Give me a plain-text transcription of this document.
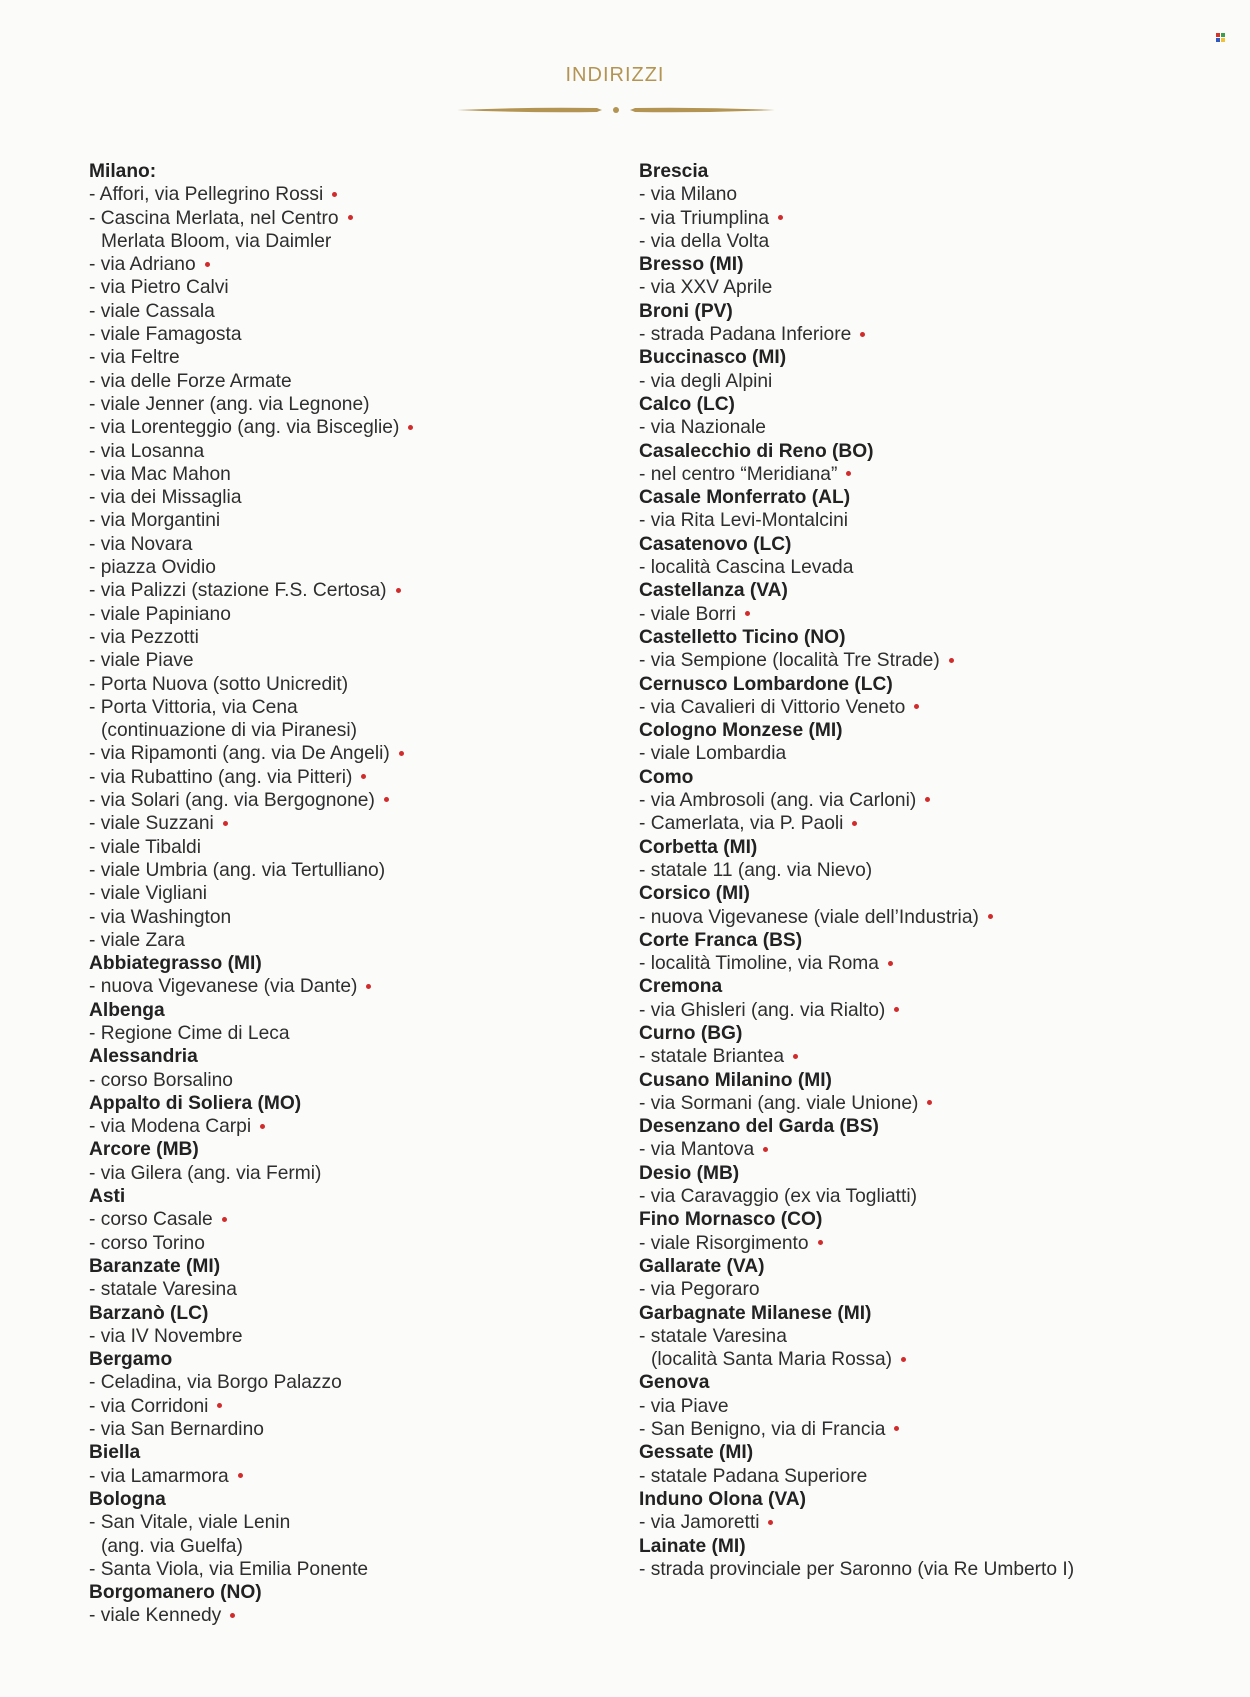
INDIRIZZI
Milano:
- Affori, via Pellegrino Rossi
- Cascina Merlata, nel Centro
Merlata Bloom, via Daimler
- via Adriano
- via Pietro Calvi
- viale Cassala
- viale Famagosta
- via Feltre
- via delle Forze Armate
- viale Jenner (ang. via Legnone)
- via Lorenteggio (ang. via Bisceglie)
- via Losanna
- via Mac Mahon
- via dei Missaglia
- via Morgantini
- via Novara
- piazza Ovidio
- via Palizzi (stazione F.S. Certosa)
- viale Papiniano
- via Pezzotti
- viale Piave
- Porta Nuova (sotto Unicredit)
- Porta Vittoria, via Cena
(continuazione di via Piranesi)
- via Ripamonti (ang. via De Angeli)
- via Rubattino (ang. via Pitteri)
- via Solari (ang. via Bergognone)
- viale Suzzani
- viale Tibaldi
- viale Umbria (ang. via Tertulliano)
- viale Vigliani
- via Washington
- viale Zara
Abbiategrasso (MI)
- nuova Vigevanese (via Dante)
Albenga
- Regione Cime di Leca
Alessandria
- corso Borsalino
Appalto di Soliera (MO)
- via Modena Carpi
Arcore (MB)
- via Gilera (ang. via Fermi)
Asti
- corso Casale
- corso Torino
Baranzate (MI)
- statale Varesina
Barzanò (LC)
- via IV Novembre
Bergamo
- Celadina, via Borgo Palazzo
- via Corridoni
- via San Bernardino
Biella
- via Lamarmora
Bologna
- San Vitale, viale Lenin
(ang. via Guelfa)
- Santa Viola, via Emilia Ponente
Borgomanero (NO)
- viale Kennedy
Brescia
- via Milano
- via Triumplina
- via della Volta
Bresso (MI)
- via XXV Aprile
Broni (PV)
- strada Padana Inferiore
Buccinasco (MI)
- via degli Alpini
Calco (LC)
- via Nazionale
Casalecchio di Reno (BO)
- nel centro “Meridiana”
Casale Monferrato (AL)
- via Rita Levi-Montalcini
Casatenovo (LC)
- località Cascina Levada
Castellanza (VA)
- viale Borri
Castelletto Ticino (NO)
- via Sempione (località Tre Strade)
Cernusco Lombardone (LC)
- via Cavalieri di Vittorio Veneto
Cologno Monzese (MI)
- viale Lombardia
Como
- via Ambrosoli (ang. via Carloni)
- Camerlata, via P. Paoli
Corbetta (MI)
- statale 11 (ang. via Nievo)
Corsico (MI)
- nuova Vigevanese (viale dell’Industria)
Corte Franca (BS)
- località Timoline, via Roma
Cremona
- via Ghisleri (ang. via Rialto)
Curno (BG)
- statale Briantea
Cusano Milanino (MI)
- via Sormani (ang. viale Unione)
Desenzano del Garda (BS)
- via Mantova
Desio (MB)
- via Caravaggio (ex via Togliatti)
Fino Mornasco (CO)
- viale Risorgimento
Gallarate (VA)
- via Pegoraro
Garbagnate Milanese (MI)
- statale Varesina
(località Santa Maria Rossa)
Genova
- via Piave
- San Benigno, via di Francia
Gessate (MI)
- statale Padana Superiore
Induno Olona (VA)
- via Jamoretti
Lainate (MI)
- strada provinciale per Saronno (via Re Umberto I)
